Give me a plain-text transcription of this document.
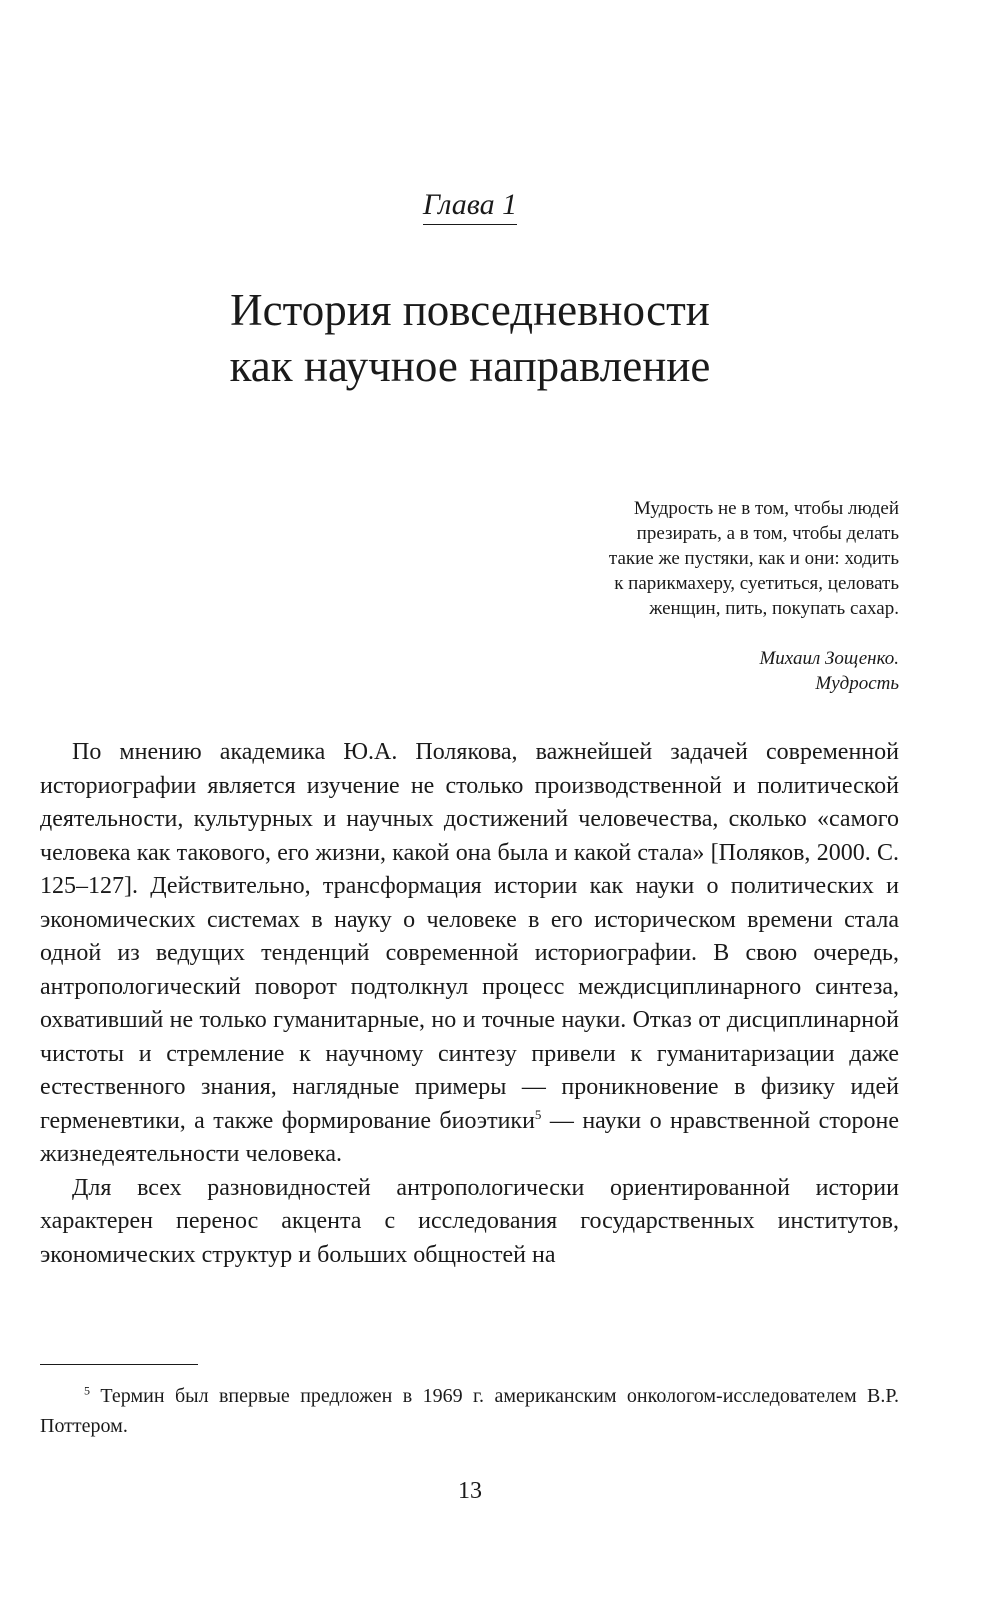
Глава 1
История повседневности
как научное направление
Мудрость не в том, чтобы людей
презирать, а в том, чтобы делать
такие же пустяки, как и они: ходить
к парикмахеру, суетиться, целовать
женщин, пить, покупать сахар.
Михаил Зощенко.
Мудрость

По мнению академика Ю.А. Полякова, важнейшей задачей современной историографии является изучение не столько производственной и политической деятельности, культурных и научных достижений человечества, сколько «самого человека как такового, его жизни, какой она была и какой стала» [Поляков, 2000. С. 125–127]. Действительно, трансформация истории как науки о политических и экономических системах в науку о человеке в его историческом времени стала одной из ведущих тенденций современной историографии. В свою очередь, антропологический поворот подтолкнул процесс междисциплинарного синтеза, охвативший не только гуманитарные, но и точные науки. Отказ от дисциплинарной чистоты и стремление к научному синтезу привели к гуманитаризации даже естественного знания, наглядные примеры — проникновение в физику идей герменевтики, а также формирование биоэтики$^5$ — науки о нравственной стороне жизнедеятельности человека.

Для всех разновидностей антропологически ориентированной истории характерен перенос акцента с исследования государственных институтов, экономических структур и больших общностей на

$^5$ Термин был впервые предложен в 1969 г. американским онкологом-исследователем В.Р. Поттером.
13
